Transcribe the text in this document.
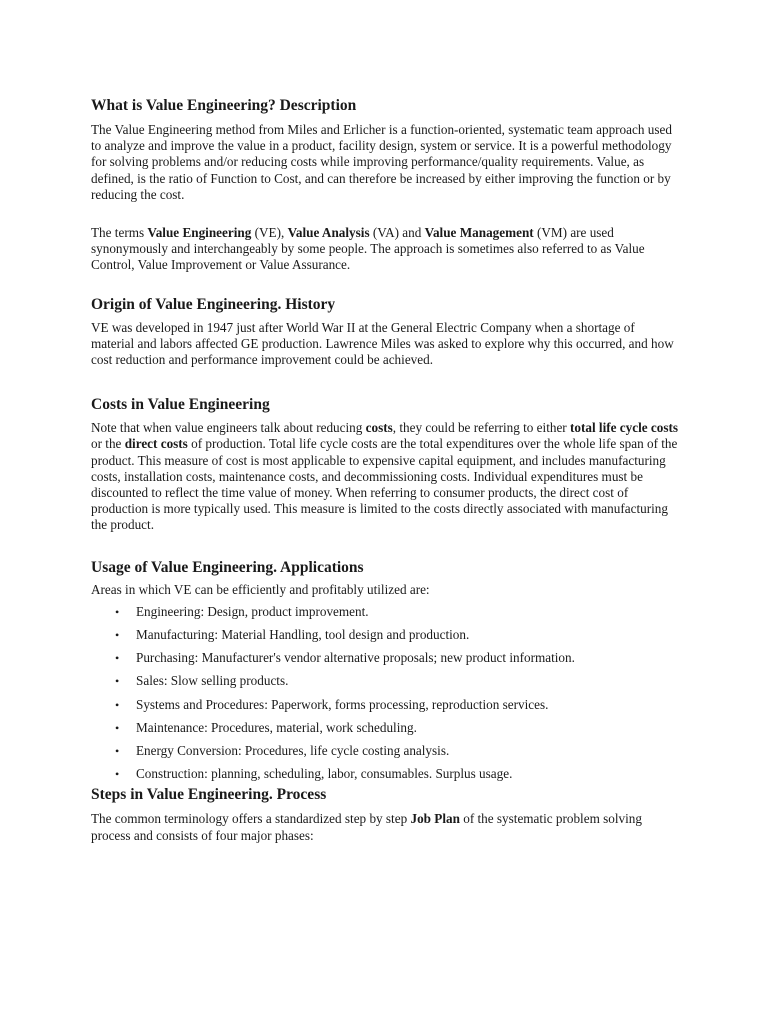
What is Value Engineering? Description

The Value Engineering method from Miles and Erlicher is a function-oriented, systematic team approach used to analyze and improve the value in a product, facility design, system or service. It is a powerful methodology for solving problems and/or reducing costs while improving performance/quality requirements. Value, as defined, is the ratio of Function to Cost, and can therefore be increased by either improving the function or by reducing the cost.

The terms Value Engineering (VE), Value Analysis (VA) and Value Management (VM) are used synonymously and interchangeably by some people. The approach is sometimes also referred to as Value Control, Value Improvement or Value Assurance.

Origin of Value Engineering. History

VE was developed in 1947 just after World War II at the General Electric Company when a shortage of material and labors affected GE production. Lawrence Miles was asked to explore why this occurred, and how cost reduction and performance improvement could be achieved.

Costs in Value Engineering

Note that when value engineers talk about reducing costs, they could be referring to either total life cycle costs or the direct costs of production. Total life cycle costs are the total expenditures over the whole life span of the product. This measure of cost is most applicable to expensive capital equipment, and includes manufacturing costs, installation costs, maintenance costs, and decommissioning costs. Individual expenditures must be discounted to reflect the time value of money. When referring to consumer products, the direct cost of production is more typically used. This measure is limited to the costs directly associated with manufacturing the product.

Usage of Value Engineering. Applications

Areas in which VE can be efficiently and profitably utilized are:

• Engineering: Design, product improvement.
• Manufacturing: Material Handling, tool design and production.
• Purchasing: Manufacturer's vendor alternative proposals; new product information.
• Sales: Slow selling products.
• Systems and Procedures: Paperwork, forms processing, reproduction services.
• Maintenance: Procedures, material, work scheduling.
• Energy Conversion: Procedures, life cycle costing analysis.
• Construction: planning, scheduling, labor, consumables. Surplus usage.
Steps in Value Engineering. Process

The common terminology offers a standardized step by step Job Plan of the systematic problem solving process and consists of four major phases:
